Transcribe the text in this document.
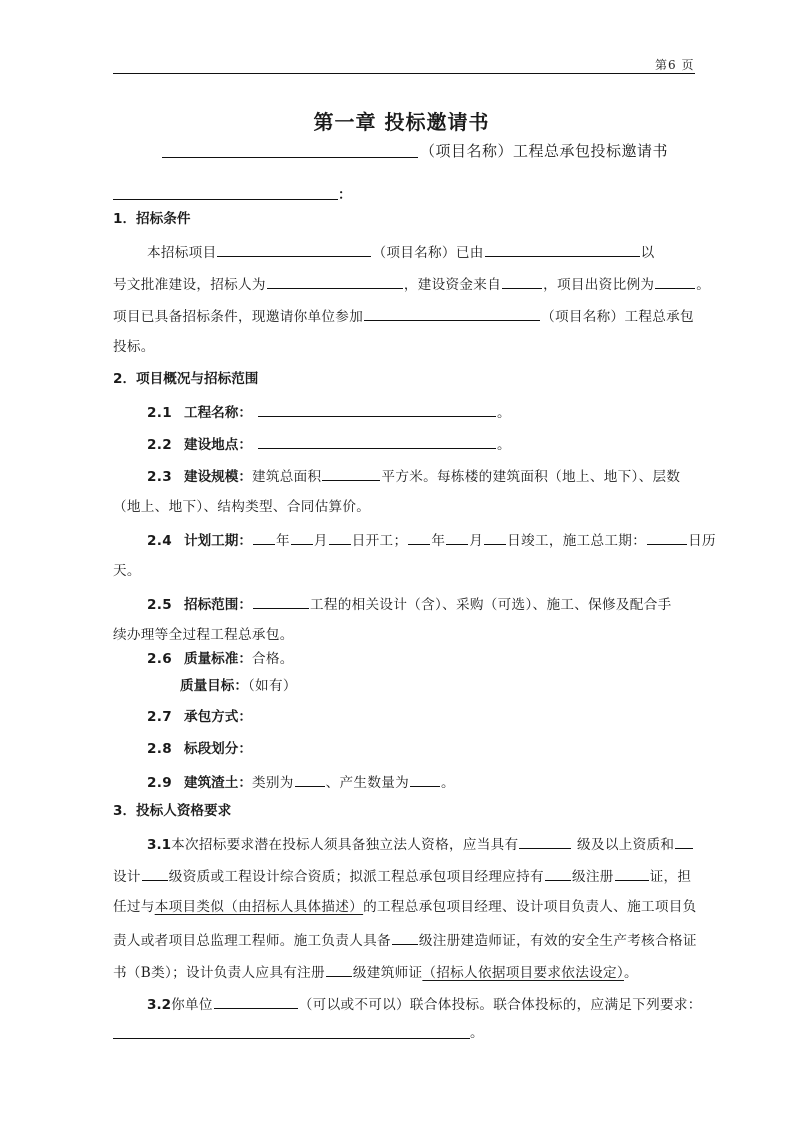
第6 页
第一章 投标邀请书
（项目名称）工程总承包投标邀请书
：
1．招标条件
本招标项目	（项目名称）已由	以
号文批准建设，招标人为	，建设资金来自	，项目出资比例为	。
项目已具备招标条件，现邀请你单位参加	（项目名称）工程总承包
投标。
2．项目概况与招标范围
2.1 工程名称：	。
2.2 建设地点：	。
2.3 建设规模：建筑总面积	平方米。每栋楼的建筑面积（地上、地下）、层数
（地上、地下）、结构类型、合同估算价。
2.4 计划工期： 年 月 日开工； 年 月 日竣工，施工总工期：	日历
天。
2.5 招标范围：	工程的相关设计（含）、采购（可选）、施工、保修及配合手
续办理等全过程工程总承包。
2.6 质量标准：合格。
质量目标：（如有）
2.7 承包方式：
2.8 标段划分：
2.9 建筑渣土：类别为 、产生数量为 。
3．投标人资格要求
3.1本次招标要求潜在投标人须具备独立法人资格，应当具有	级及以上资质和
设计 级资质或工程设计综合资质；拟派工程总承包项目经理应持有 级注册	证，担
任过与本项目类似（由招标人具体描述）的工程总承包项目经理、设计项目负责人、施工项目负
责人或者项目总监理工程师。施工负责人具备 级注册建造师证，有效的安全生产考核合格证
书（B类）；设计负责人应具有注册 级建筑师证（招标人依据项目要求依法设定）。
3.2你单位	（可以或不可以）联合体投标。联合体投标的，应满足下列要求：
。
